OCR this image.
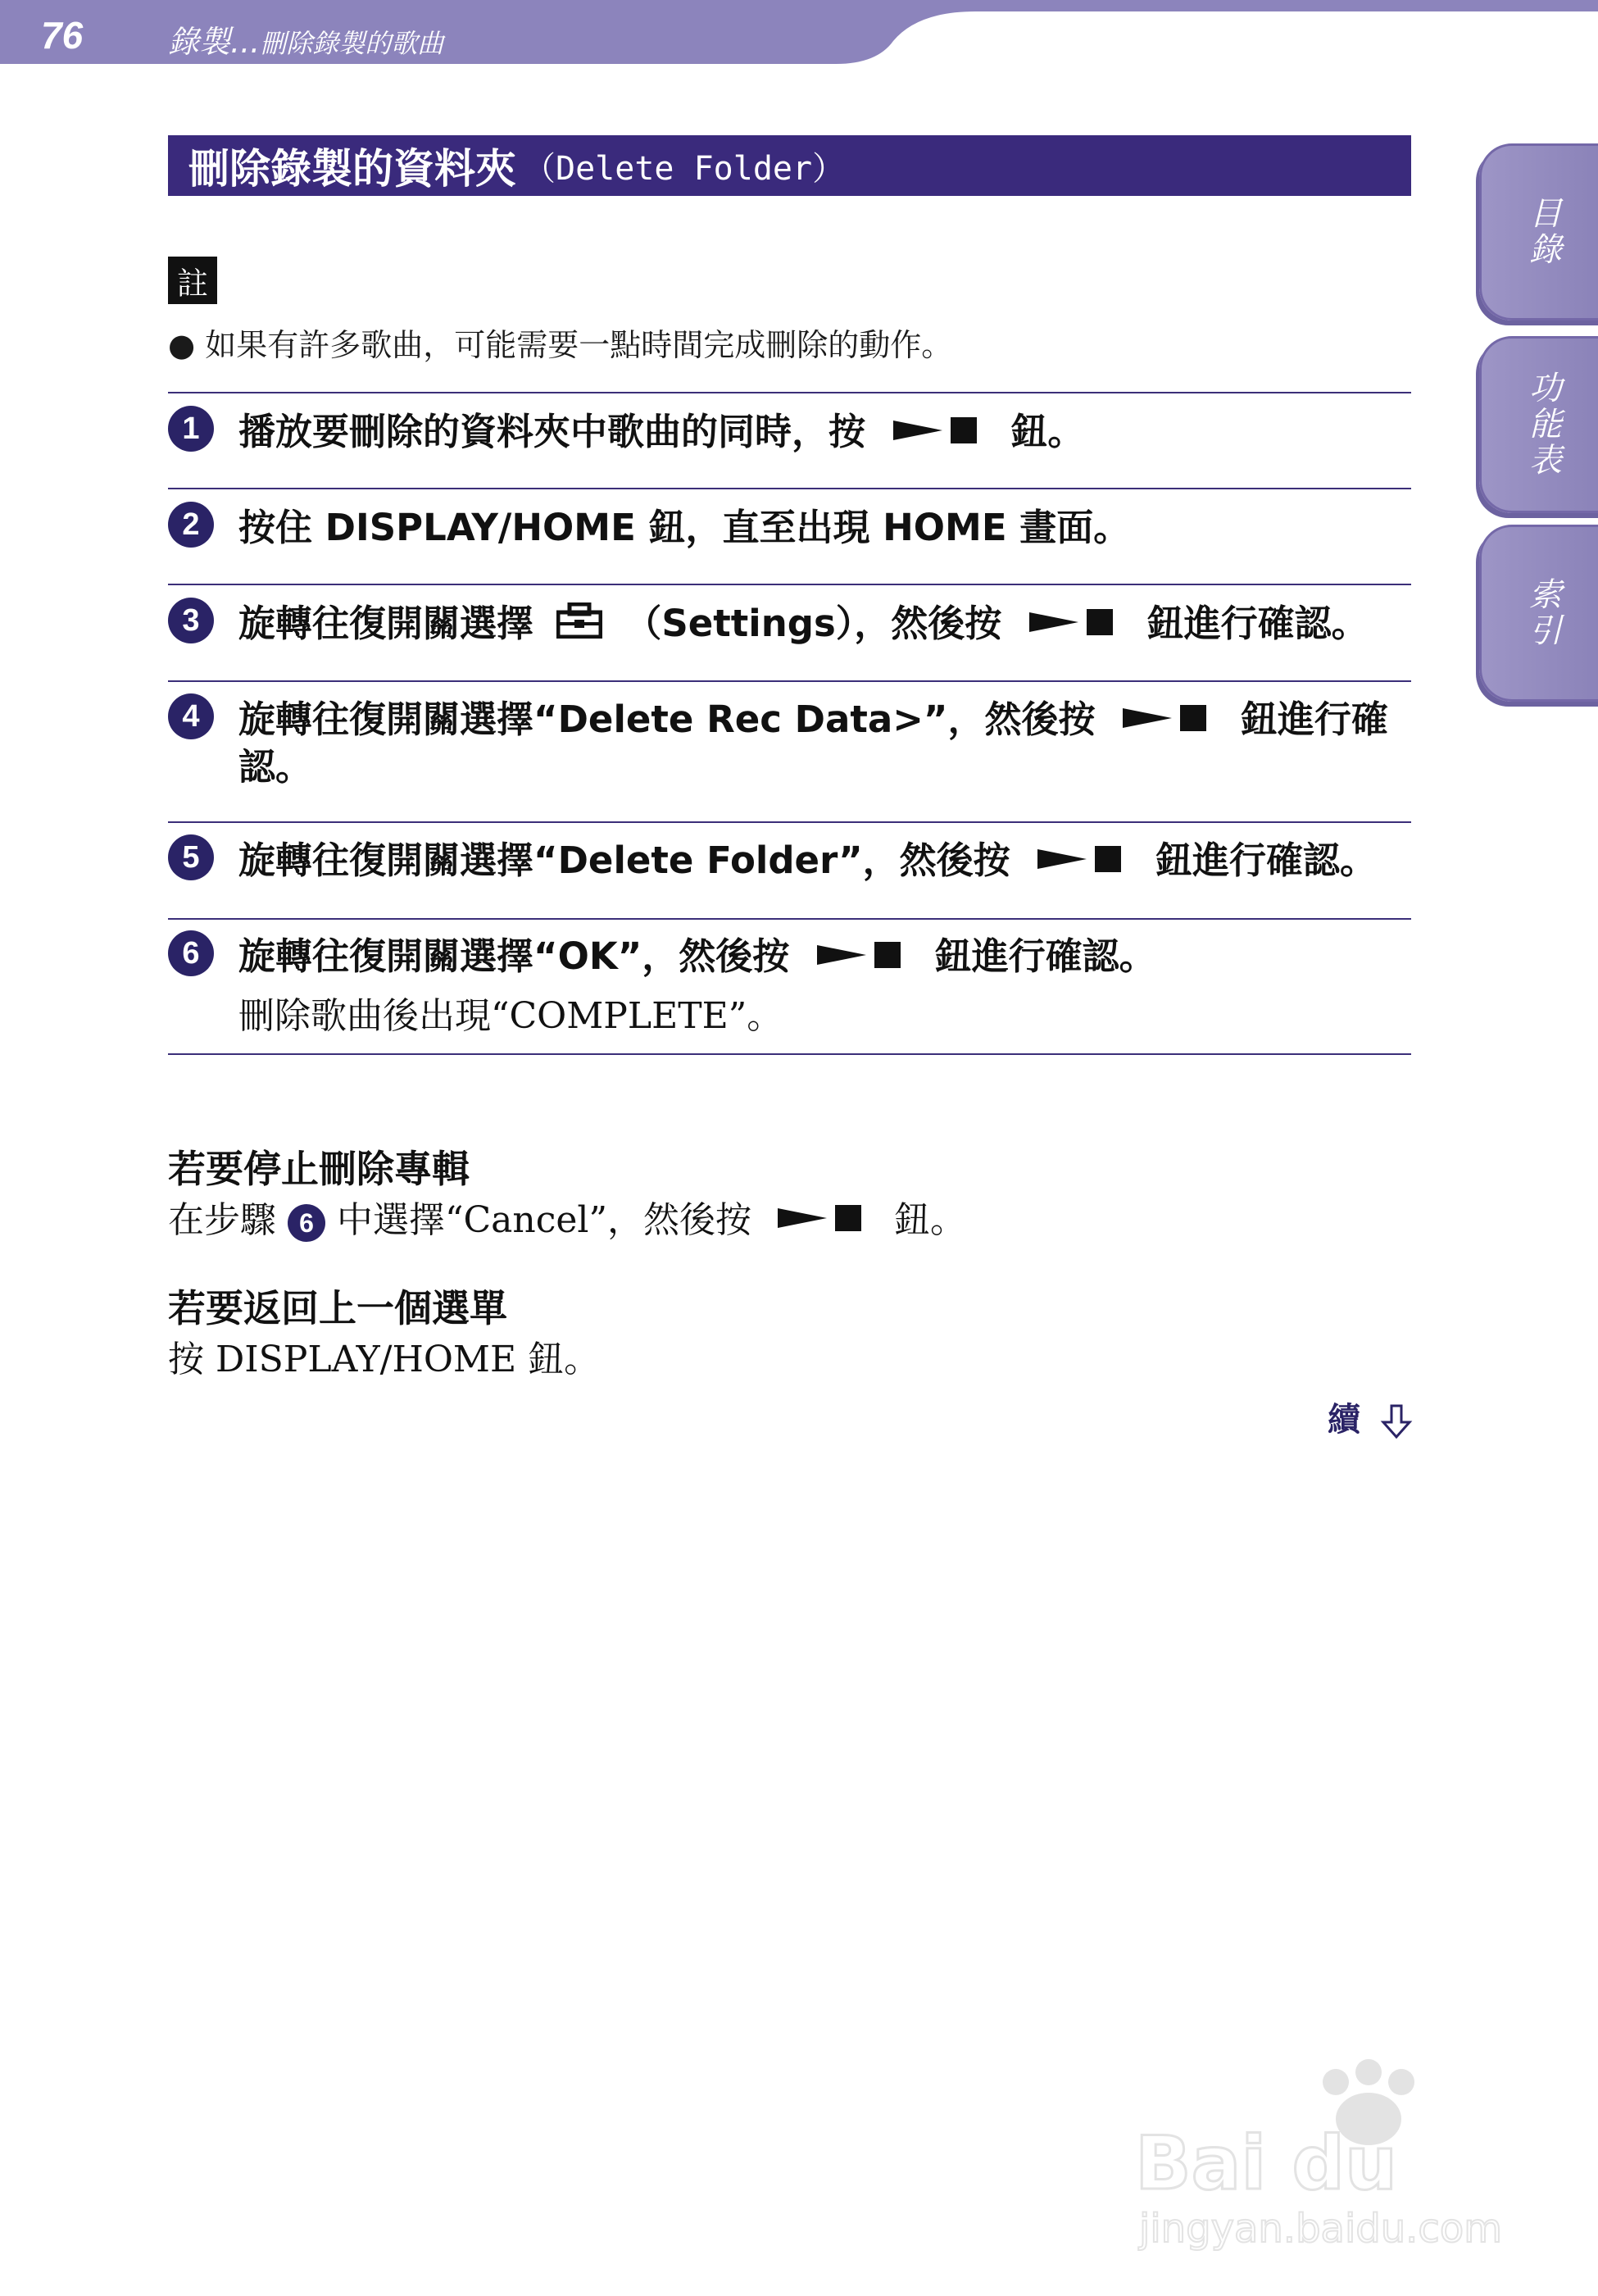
76	錄製...刪除錄製的歌曲
目錄
功能表
索引
刪除錄製的資料夾 （Delete Folder）
註
● 如果有許多歌曲，可能需要一點時間完成刪除的動作。
1	播放要刪除的資料夾中歌曲的同時，按	鈕。
2	按住 DISPLAY/HOME 鈕，直至出現 HOME 畫面。
3	旋轉往復開關選擇 （Settings），然後按	鈕進行確認。
4	旋轉往復開關選擇“Delete Rec Data>”，然後按	鈕進行確
認。
5	旋轉往復開關選擇“Delete Folder”，然後按	鈕進行確認。
6	旋轉往復開關選擇“OK”，然後按	鈕進行確認。
刪除歌曲後出現“COMPLETE”。
若要停止刪除專輯
在步驟 6 中選擇“Cancel”，然後按	鈕。
若要返回上一個選單
按 DISPLAY/HOME 鈕。
續
Bai du
jingyan.baidu.com
